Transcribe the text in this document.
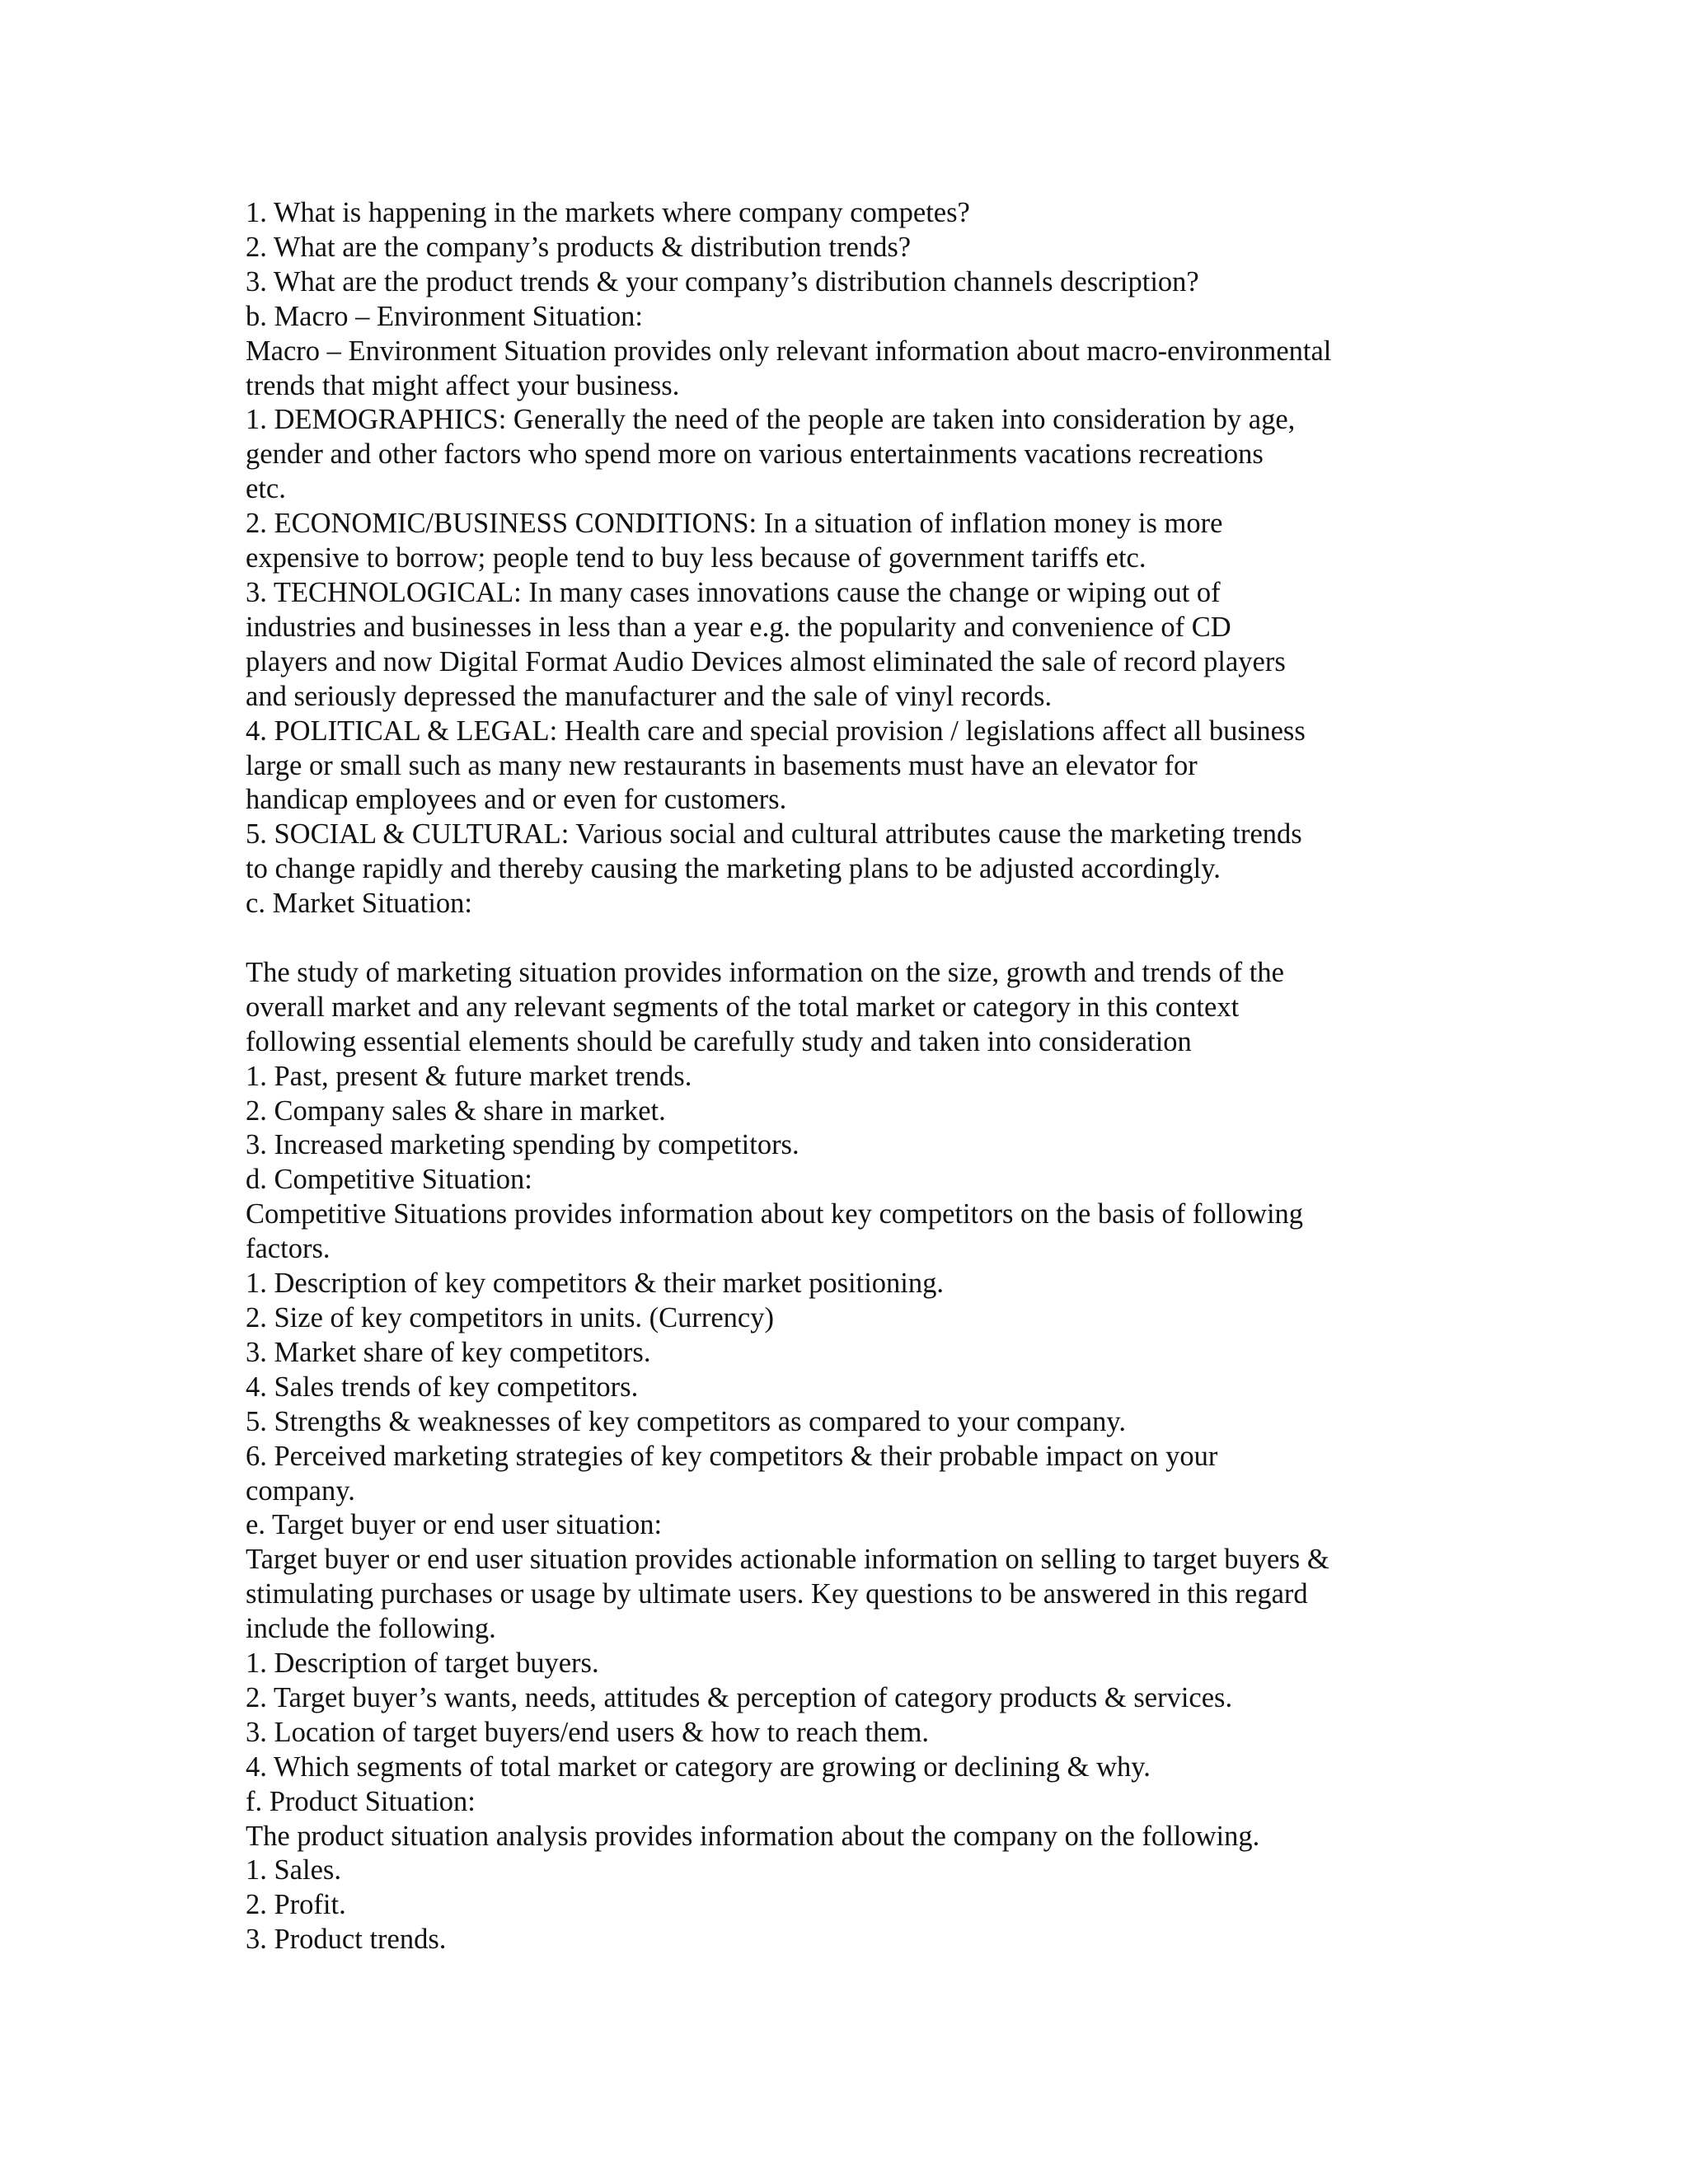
1. What is happening in the markets where company competes?
2. What are the company’s products & distribution trends?
3. What are the product trends & your company’s distribution channels description?
b. Macro – Environment Situation:
Macro – Environment Situation provides only relevant information about macro-environmental
trends that might affect your business.
1. DEMOGRAPHICS: Generally the need of the people are taken into consideration by age,
gender and other factors who spend more on various entertainments vacations recreations
etc.
2. ECONOMIC/BUSINESS CONDITIONS: In a situation of inflation money is more
expensive to borrow; people tend to buy less because of government tariffs etc.
3. TECHNOLOGICAL: In many cases innovations cause the change or wiping out of
industries and businesses in less than a year e.g. the popularity and convenience of CD
players and now Digital Format Audio Devices almost eliminated the sale of record players
and seriously depressed the manufacturer and the sale of vinyl records.
4. POLITICAL & LEGAL: Health care and special provision / legislations affect all business
large or small such as many new restaurants in basements must have an elevator for
handicap employees and or even for customers.
5. SOCIAL & CULTURAL: Various social and cultural attributes cause the marketing trends
to change rapidly and thereby causing the marketing plans to be adjusted accordingly.
c. Market Situation:
The study of marketing situation provides information on the size, growth and trends of the
overall market and any relevant segments of the total market or category in this context
following essential elements should be carefully study and taken into consideration
1. Past, present & future market trends.
2. Company sales & share in market.
3. Increased marketing spending by competitors.
d. Competitive Situation:
Competitive Situations provides information about key competitors on the basis of following
factors.
1. Description of key competitors & their market positioning.
2. Size of key competitors in units. (Currency)
3. Market share of key competitors.
4. Sales trends of key competitors.
5. Strengths & weaknesses of key competitors as compared to your company.
6. Perceived marketing strategies of key competitors & their probable impact on your
company.
e. Target buyer or end user situation:
Target buyer or end user situation provides actionable information on selling to target buyers &
stimulating purchases or usage by ultimate users. Key questions to be answered in this regard
include the following.
1. Description of target buyers.
2. Target buyer’s wants, needs, attitudes & perception of category products & services.
3. Location of target buyers/end users & how to reach them.
4. Which segments of total market or category are growing or declining & why.
f. Product Situation:
The product situation analysis provides information about the company on the following.
1. Sales.
2. Profit.
3. Product trends.
